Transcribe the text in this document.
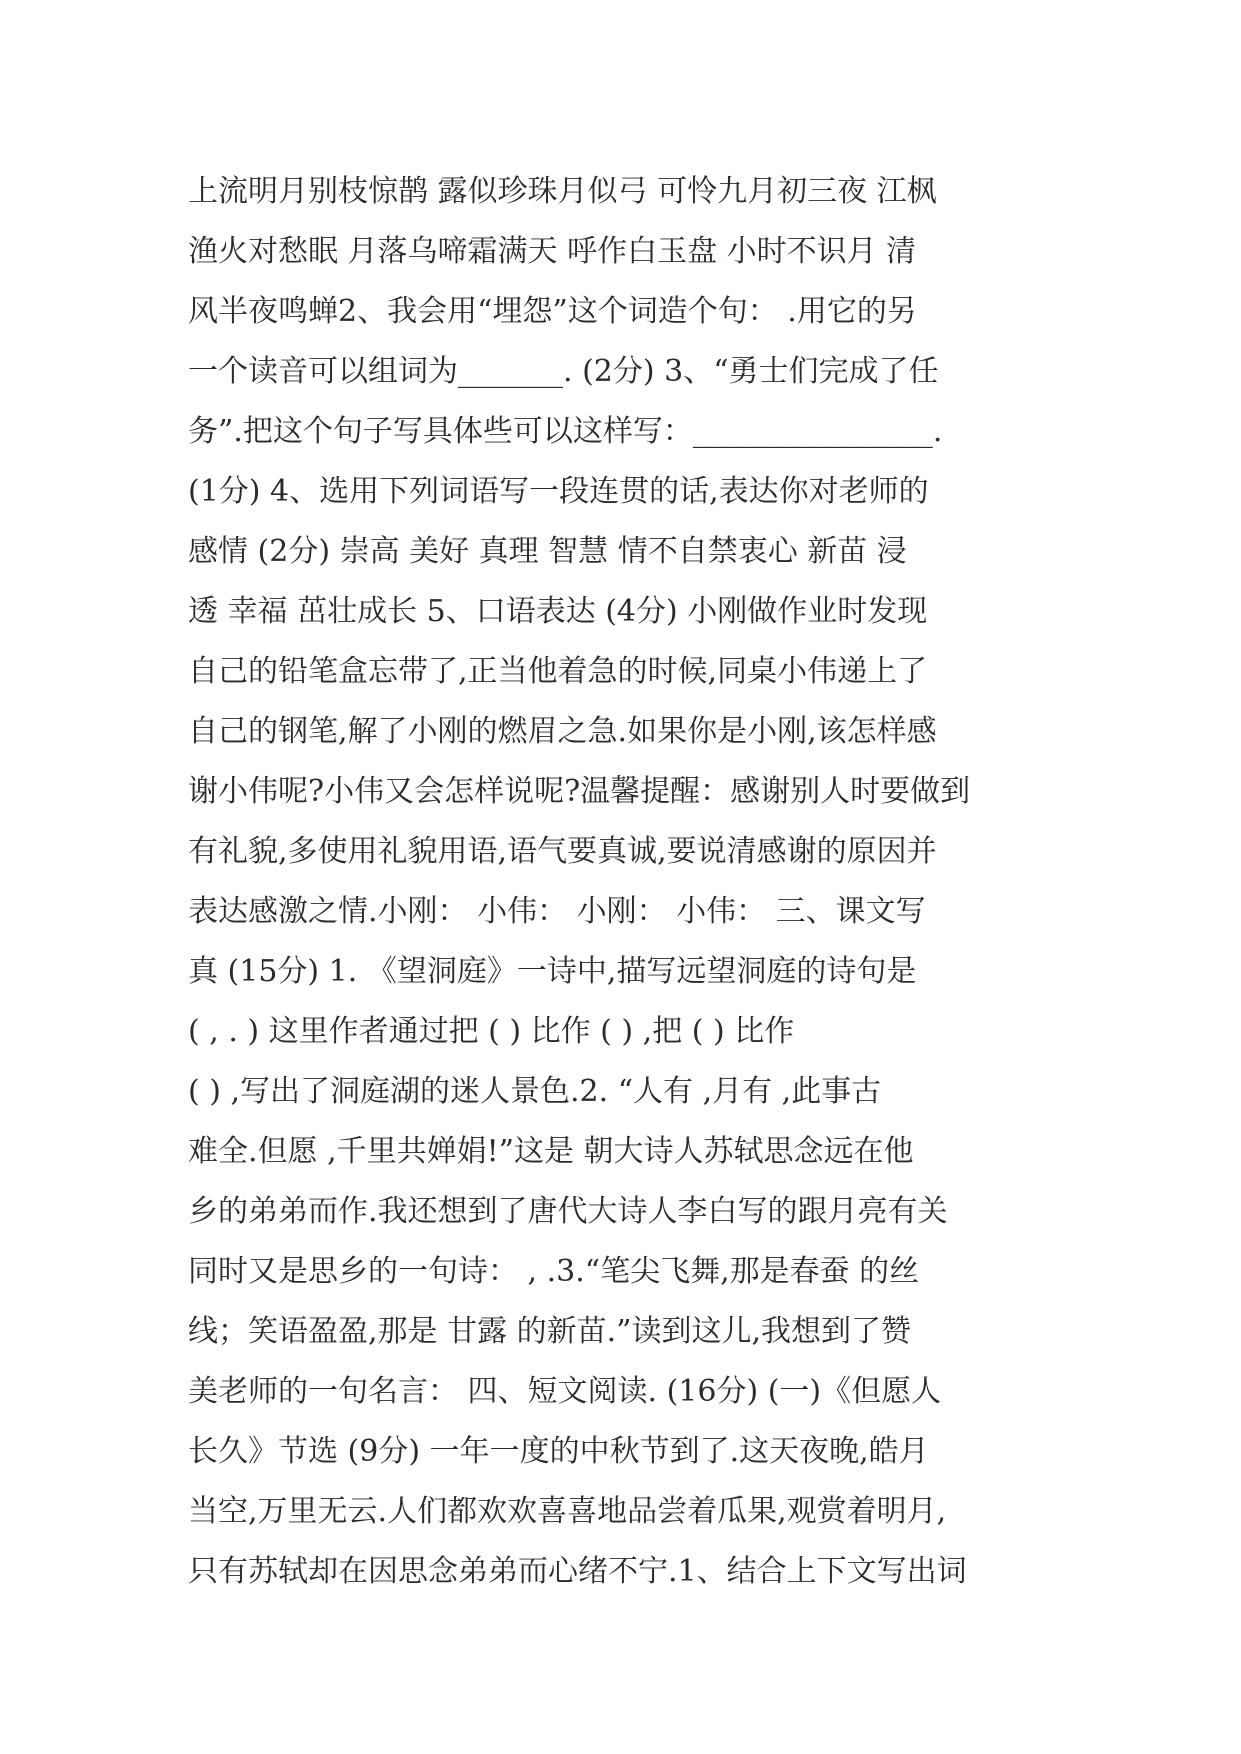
上流明月别枝惊鹊 露似珍珠月似弓 可怜九月初三夜 江枫
渔火对愁眠 月落乌啼霜满天 呼作白玉盘 小时不识月 清
风半夜鸣蝉2、我会用“埋怨”这个词造个句： .用它的另
一个读音可以组词为_______. (2分) 3、“勇士们完成了任
务”.把这个句子写具体些可以这样写：________________.
(1分) 4、选用下列词语写一段连贯的话,表达你对老师的
感情 (2分) 崇高 美好 真理 智慧 情不自禁衷心 新苗 浸
透 幸福 茁壮成长 5、口语表达 (4分) 小刚做作业时发现
自己的铅笔盒忘带了,正当他着急的时候,同桌小伟递上了
自己的钢笔,解了小刚的燃眉之急.如果你是小刚,该怎样感
谢小伟呢?小伟又会怎样说呢?温馨提醒：感谢别人时要做到
有礼貌,多使用礼貌用语,语气要真诚,要说清感谢的原因并
表达感激之情.小刚： 小伟： 小刚： 小伟： 三、课文写
真 (15分) 1. 《望洞庭》一诗中,描写远望洞庭的诗句是
( , . ) 这里作者通过把 ( ) 比作 ( ) ,把 ( ) 比作
( ) ,写出了洞庭湖的迷人景色.2. “人有 ,月有 ,此事古
难全.但愿 ,千里共婵娟!”这是 朝大诗人苏轼思念远在他
乡的弟弟而作.我还想到了唐代大诗人李白写的跟月亮有关
同时又是思乡的一句诗： , .3.“笔尖飞舞,那是春蚕 的丝
线；笑语盈盈,那是 甘露 的新苗.”读到这儿,我想到了赞
美老师的一句名言： 四、短文阅读. (16分) (一)《但愿人
长久》节选 (9分) 一年一度的中秋节到了.这天夜晚,皓月
当空,万里无云.人们都欢欢喜喜地品尝着瓜果,观赏着明月,
只有苏轼却在因思念弟弟而心绪不宁.1、结合上下文写出词
